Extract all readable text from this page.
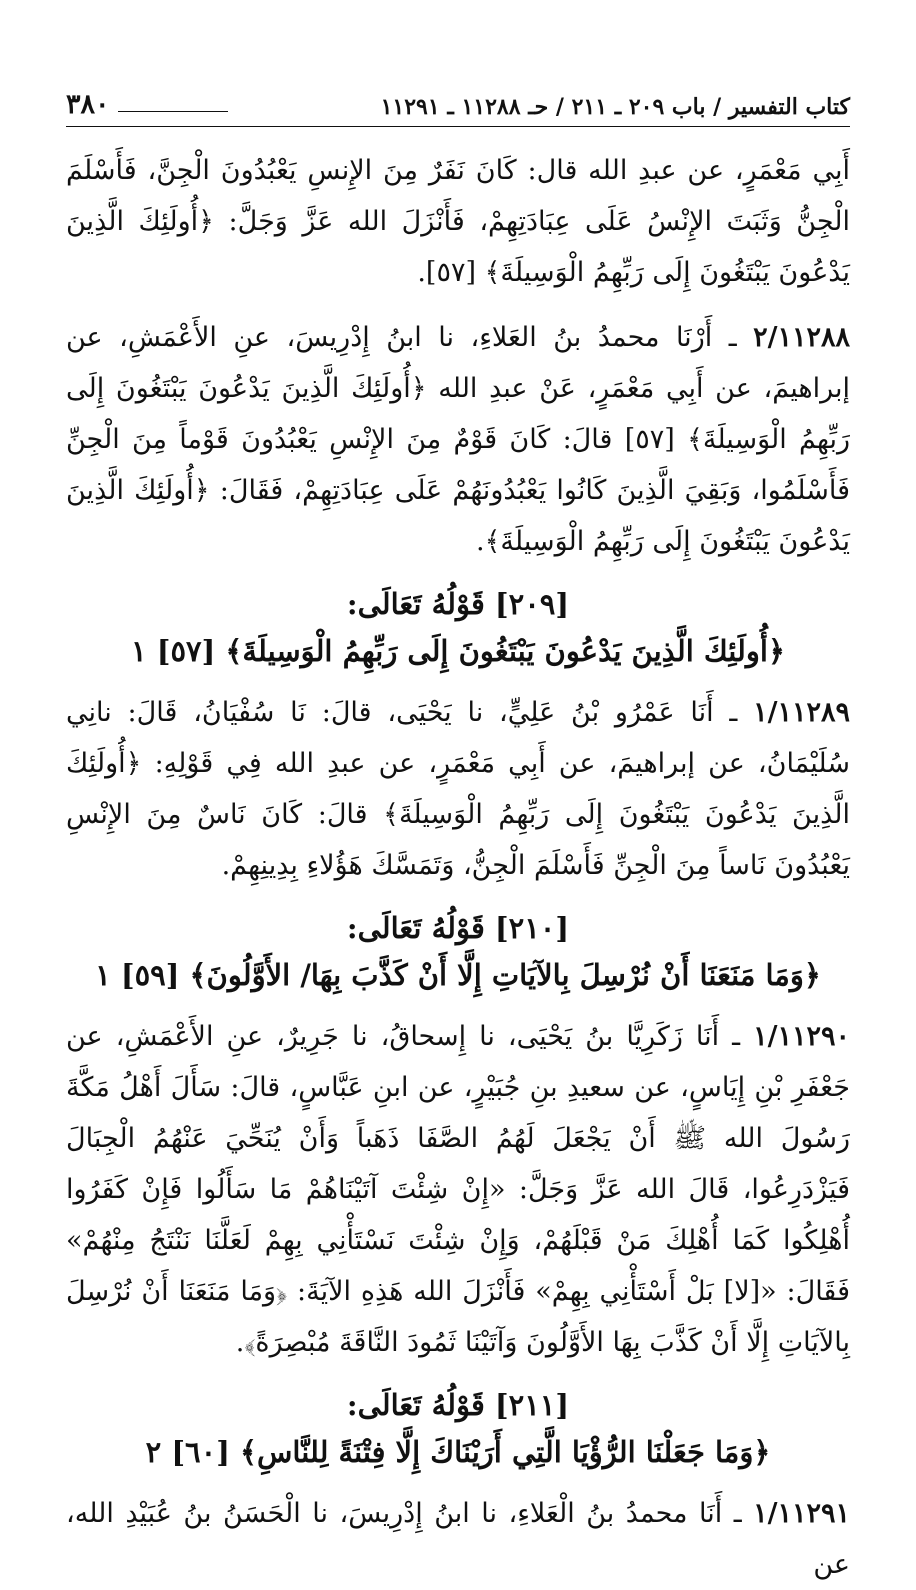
كتاب التفسير / باب ٢٠٩ ـ ٢١١ / حـ ١١٢٨٨ ـ ١١٢٩١
٣٨٠

أَبِي مَعْمَرٍ، عن عبدِ الله قال: كَانَ نَفَرٌ مِنَ الإِنسِ يَعْبُدُونَ الْجِنَّ، فَأَسْلَمَ الْجِنُّ وَثَبَتَ الإِنْسُ عَلَى عِبَادَتِهِمْ، فَأَنْزَلَ الله عَزَّ وَجَلَّ: ﴿أُولَئِكَ الَّذِينَ يَدْعُونَ يَبْتَغُونَ إِلَى رَبِّهِمُ الْوَسِيلَةَ﴾ [٥٧].

٢/١١٢٨٨ ـ أَرْنَا محمدُ بنُ العَلاءِ، نا ابنُ إِدْرِيسَ، عنِ الأَعْمَشِ، عن إبراهيمَ، عن أَبِي مَعْمَرٍ، عَنْ عبدِ الله ﴿أُولَئِكَ الَّذِينَ يَدْعُونَ يَبْتَغُونَ إِلَى رَبِّهِمُ الْوَسِيلَةَ﴾ [٥٧] قالَ: كَانَ قَوْمٌ مِنَ الإِنْسِ يَعْبُدُونَ قَوْماً مِنَ الْجِنِّ فَأَسْلَمُوا، وَبَقِيَ الَّذِينَ كَانُوا يَعْبُدُونَهُمْ عَلَى عِبَادَتِهِمْ، فَقَالَ: ﴿أُولَئِكَ الَّذِينَ يَدْعُونَ يَبْتَغُونَ إِلَى رَبِّهِمُ الْوَسِيلَةَ﴾.

[٢٠٩] قَوْلُهُ تَعَالَى:
﴿أُولَئِكَ الَّذِينَ يَدْعُونَ يَبْتَغُونَ إِلَى رَبِّهِمُ الْوَسِيلَةَ﴾ [٥٧] ١

١/١١٢٨٩ ـ أَنَا عَمْرُو بْنُ عَلِيٍّ، نا يَحْيَى، قالَ: نَا سُفْيَانُ، قَالَ: نانِي سُلَيْمَانُ، عن إبراهيمَ، عن أَبِي مَعْمَرٍ، عن عبدِ الله فِي قَوْلِهِ: ﴿أُولَئِكَ الَّذِينَ يَدْعُونَ يَبْتَغُونَ إِلَى رَبِّهِمُ الْوَسِيلَةَ﴾ قالَ: كَانَ نَاسٌ مِنَ الإِنْسِ يَعْبُدُونَ نَاساً مِنَ الْجِنِّ فَأَسْلَمَ الْجِنُّ، وَتَمَسَّكَ هَؤُلاءِ بِدِينِهِمْ.

[٢١٠] قَوْلُهُ تَعَالَى:
﴿وَمَا مَنَعَنَا أَنْ نُرْسِلَ بِالآيَاتِ إِلَّا أَنْ كَذَّبَ بِهَا/ الأَوَّلُونَ﴾ [٥٩] ١

١/١١٢٩٠ ـ أَنَا زَكَرِيَّا بنُ يَحْيَى، نا إِسحاقُ، نا جَرِيرٌ، عنِ الأَعْمَشِ، عن جَعْفَرِ بْنِ إِيَاسٍ، عن سعيدِ بنِ جُبَيْرٍ، عن ابنِ عَبَّاسٍ، قالَ: سَأَلَ أَهْلُ مَكَّةَ رَسُولَ الله ﷺ أَنْ يَجْعَلَ لَهُمُ الصَّفَا ذَهَباً وَأَنْ يُنَحِّيَ عَنْهُمُ الْجِبَالَ فَيَزْدَرِعُوا، قَالَ الله عَزَّ وَجَلَّ: «إِنْ شِئْتَ آتَيْنَاهُمْ مَا سَأَلُوا فَإِنْ كَفَرُوا أُهْلِكُوا كَمَا أُهْلِكَ مَنْ قَبْلَهُمْ، وَإِنْ شِئْتَ نَسْتَأْنِي بِهِمْ لَعَلَّنَا نَنْتَجُ مِنْهُمْ» فَقَالَ: «[لا] بَلْ أَسْتَأْنِي بِهِمْ» فَأَنْزَلَ الله هَذِهِ الآيَةَ: ﴿وَمَا مَنَعَنَا أَنْ نُرْسِلَ بِالآيَاتِ إِلَّا أَنْ كَذَّبَ بِهَا الأَوَّلُونَ وَآتَيْنَا ثَمُودَ النَّاقَةَ مُبْصِرَةً﴾.

[٢١١] قَوْلُهُ تَعَالَى:
﴿وَمَا جَعَلْنَا الرُّؤْيَا الَّتِي أَرَيْنَاكَ إِلَّا فِتْنَةً لِلنَّاسِ﴾ [٦٠] ٢

١/١١٢٩١ ـ أَنَا محمدُ بنُ الْعَلاءِ، نا ابنُ إِدْرِيسَ، نا الْحَسَنُ بنُ عُبَيْدِ الله، عن
